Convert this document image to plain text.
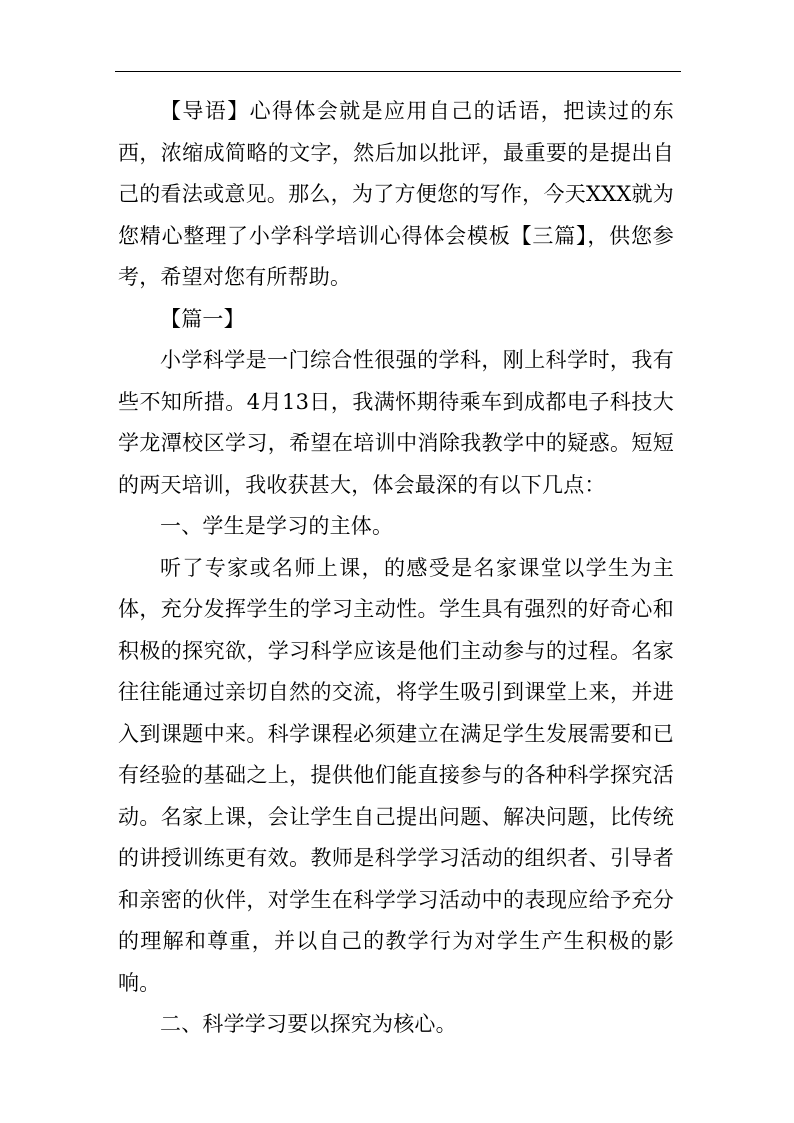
【导语】心得体会就是应用自己的话语，把读过的东西，浓缩成简略的文字，然后加以批评，最重要的是提出自己的看法或意见。那么，为了方便您的写作，今天XXX就为您精心整理了小学科学培训心得体会模板【三篇】，供您参考，希望对您有所帮助。

【篇一】

小学科学是一门综合性很强的学科，刚上科学时，我有些不知所措。4月13日，我满怀期待乘车到成都电子科技大学龙潭校区学习，希望在培训中消除我教学中的疑惑。短短的两天培训，我收获甚大，体会最深的有以下几点：

一、学生是学习的主体。

听了专家或名师上课，的感受是名家课堂以学生为主体，充分发挥学生的学习主动性。学生具有强烈的好奇心和积极的探究欲，学习科学应该是他们主动参与的过程。名家往往能通过亲切自然的交流，将学生吸引到课堂上来，并进入到课题中来。科学课程必须建立在满足学生发展需要和已有经验的基础之上，提供他们能直接参与的各种科学探究活动。名家上课，会让学生自己提出问题、解决问题，比传统的讲授训练更有效。教师是科学学习活动的组织者、引导者和亲密的伙伴，对学生在科学学习活动中的表现应给予充分的理解和尊重，并以自己的教学行为对学生产生积极的影响。

二、科学学习要以探究为核心。
